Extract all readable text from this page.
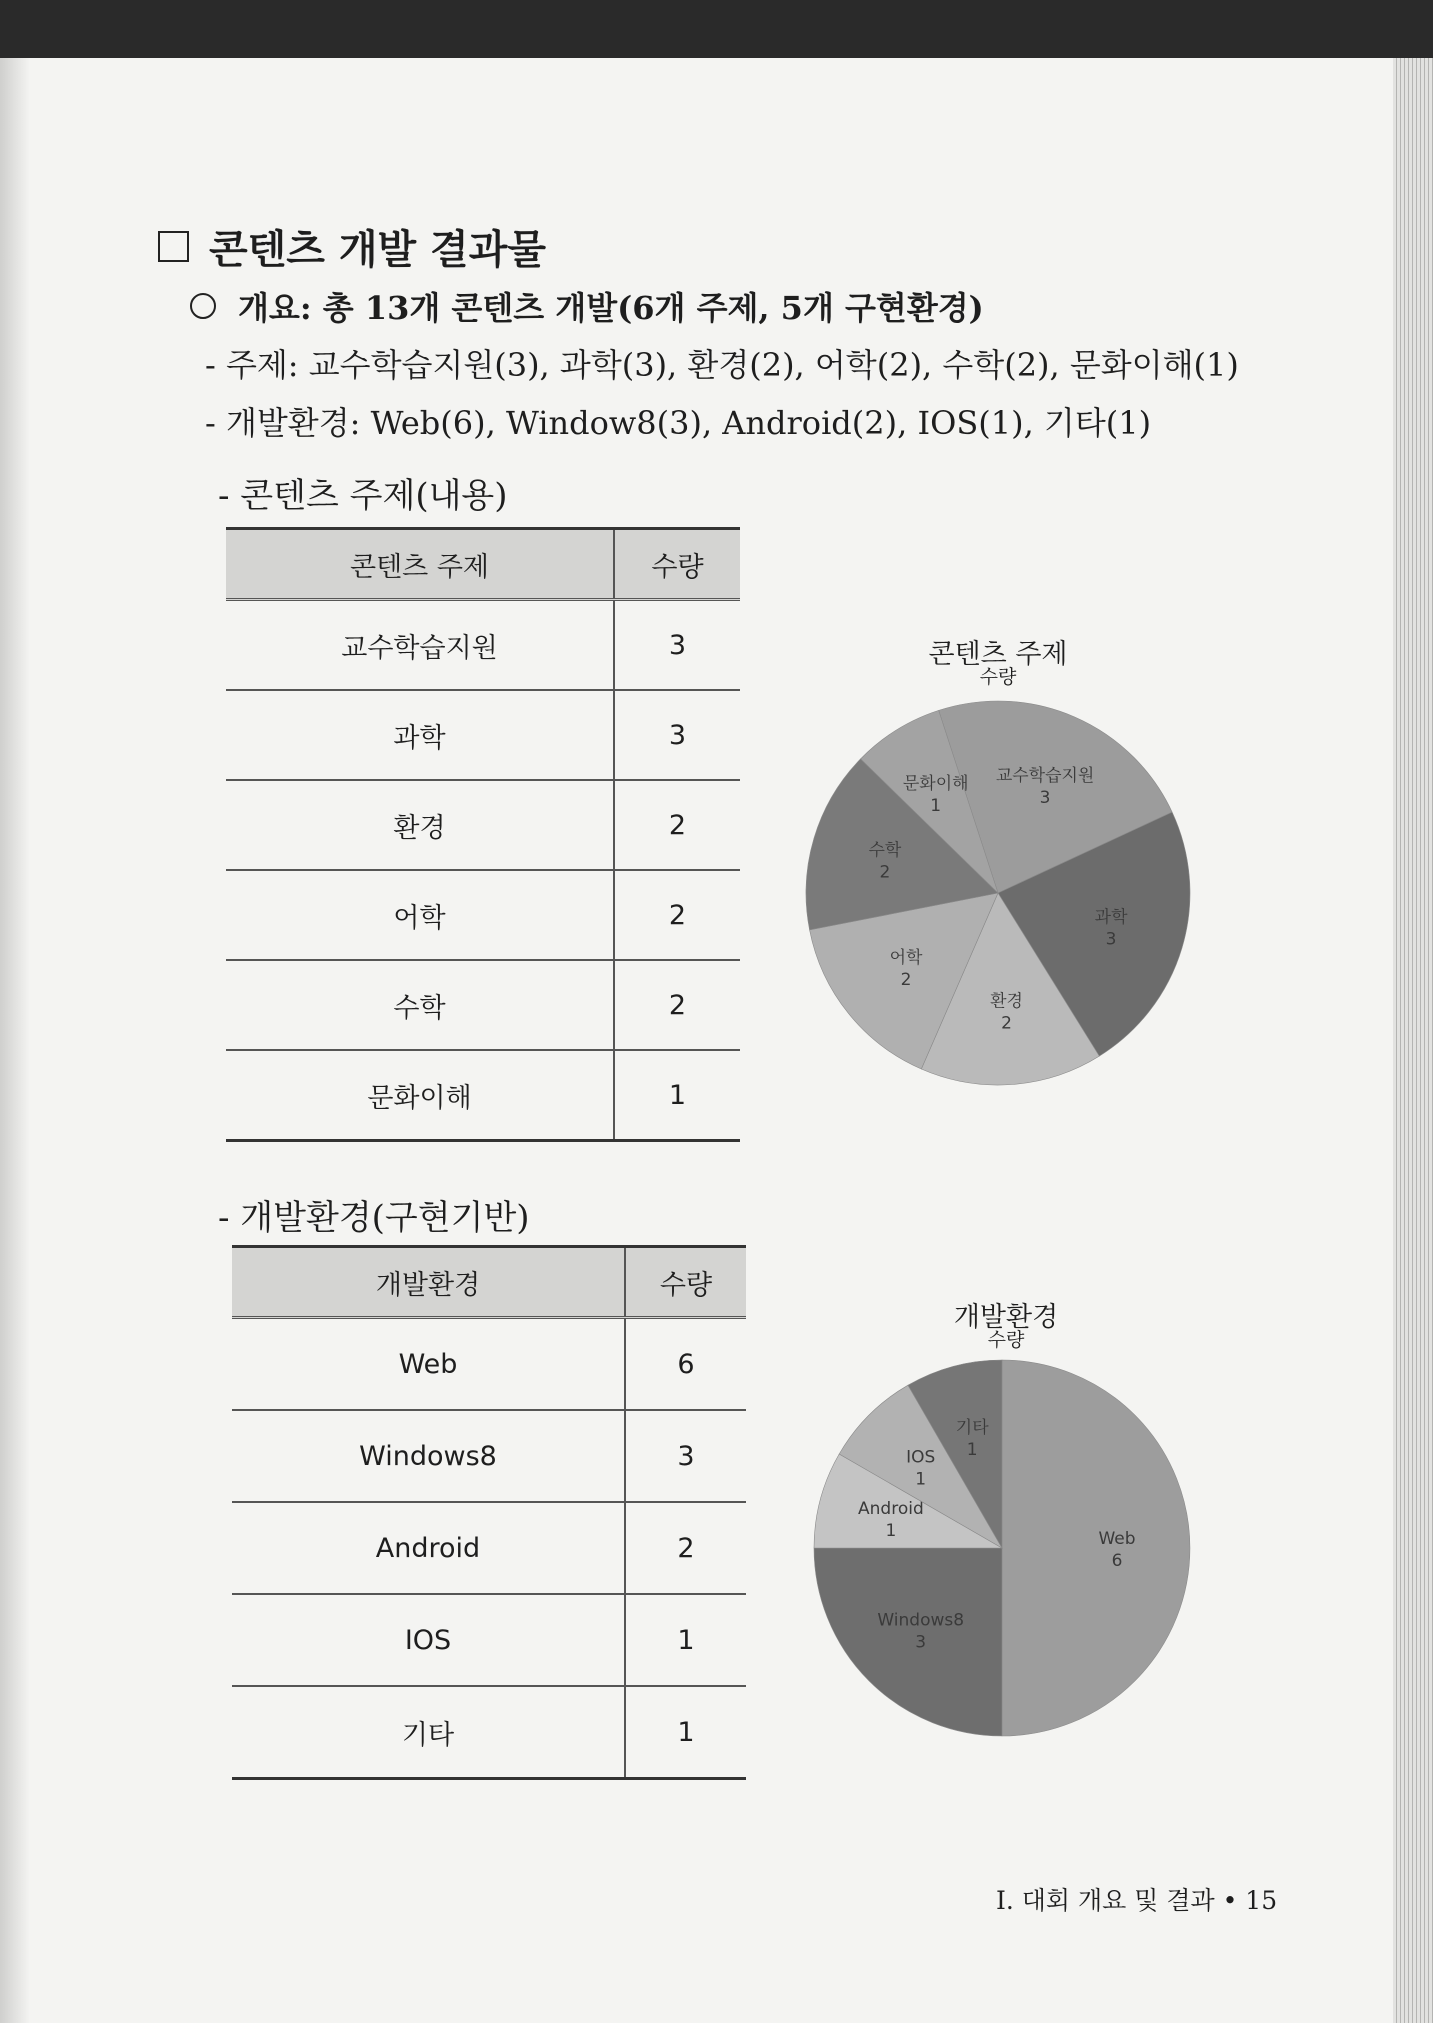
콘텐츠 개발 결과물
개요: 총 13개 콘텐츠 개발(6개 주제, 5개 구현환경)
- 주제: 교수학습지원(3), 과학(3), 환경(2), 어학(2), 수학(2), 문화이해(1)
- 개발환경: Web(6), Window8(3), Android(2), IOS(1), 기타(1)
- 콘텐츠 주제(내용)
콘텐츠 주제	수량
교수학습지원	3
과학	3
환경	2
어학	2
수학	2
문화이해	1
콘텐츠 주제
수량
교수학습지원
3
과학
3
환경
2
어학
2
수학
2
문화이해
1
- 개발환경(구현기반)
개발환경	수량
Web	6
Windows8	3
Android	2
IOS	1
기타	1
개발환경
수량
Web
6
Windows8
3
Android
1
IOS
1
기타
1
Ⅰ. 대회 개요 및 결과 • 15
